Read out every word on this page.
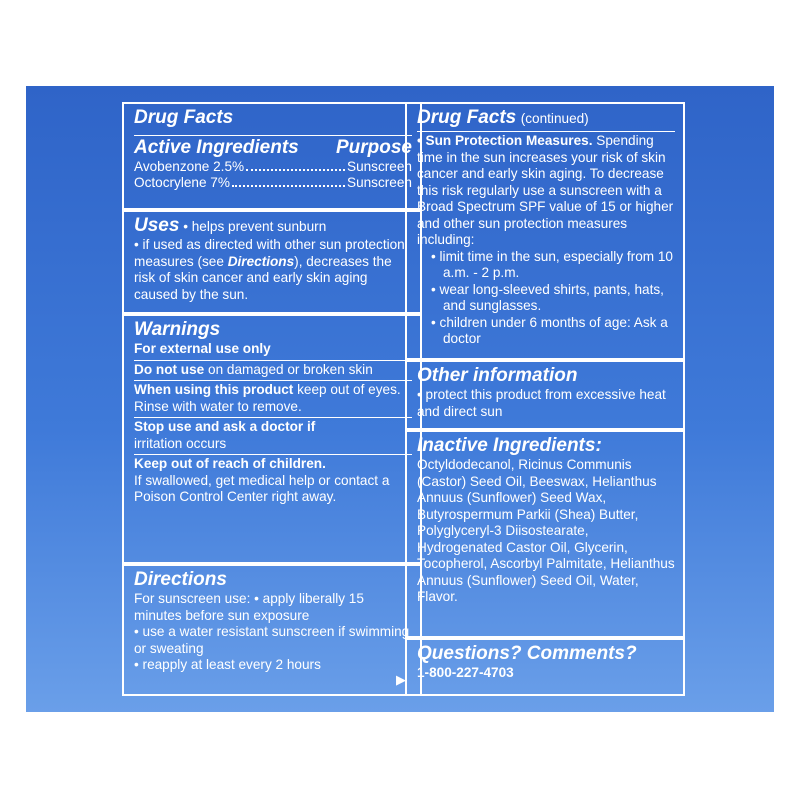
Drug Facts
Active Ingredients Purpose
Avobenzone 2.5%	Sunscreen
Octocrylene 7%	Sunscreen
Uses • helps prevent sunburn
• if used as directed with other sun protection measures (see Directions), decreases the risk of skin cancer and early skin aging caused by the sun.
Warnings
For external use only
Do not use on damaged or broken skin
When using this product keep out of eyes. Rinse with water to remove.
Stop use and ask a doctor if
irritation occurs
Keep out of reach of children.
If swallowed, get medical help or contact a Poison Control Center right away.
Directions
For sunscreen use: • apply liberally 15 minutes before sun exposure
• use a water resistant sunscreen if swimming or sweating
• reapply at least every 2 hours
▶
Drug Facts (continued)
• Sun Protection Measures. Spending time in the sun increases your risk of skin cancer and early skin aging. To decrease this risk regularly use a sunscreen with a Broad Spectrum SPF value of 15 or higher and other sun protection measures including:
• limit time in the sun, especially from 10 a.m. - 2 p.m.
• wear long-sleeved shirts, pants, hats, and sunglasses.
• children under 6 months of age: Ask a doctor
Other information
• protect this product from excessive heat and direct sun
Inactive Ingredients:
Octyldodecanol, Ricinus Communis (Castor) Seed Oil, Beeswax, Helianthus Annuus (Sunflower) Seed Wax, Butyrospermum Parkii (Shea) Butter, Polyglyceryl-3 Diisostearate, Hydrogenated Castor Oil, Glycerin, Tocopherol, Ascorbyl Palmitate, Helianthus Annuus (Sunflower) Seed Oil, Water, Flavor.
Questions? Comments?
1-800-227-4703
